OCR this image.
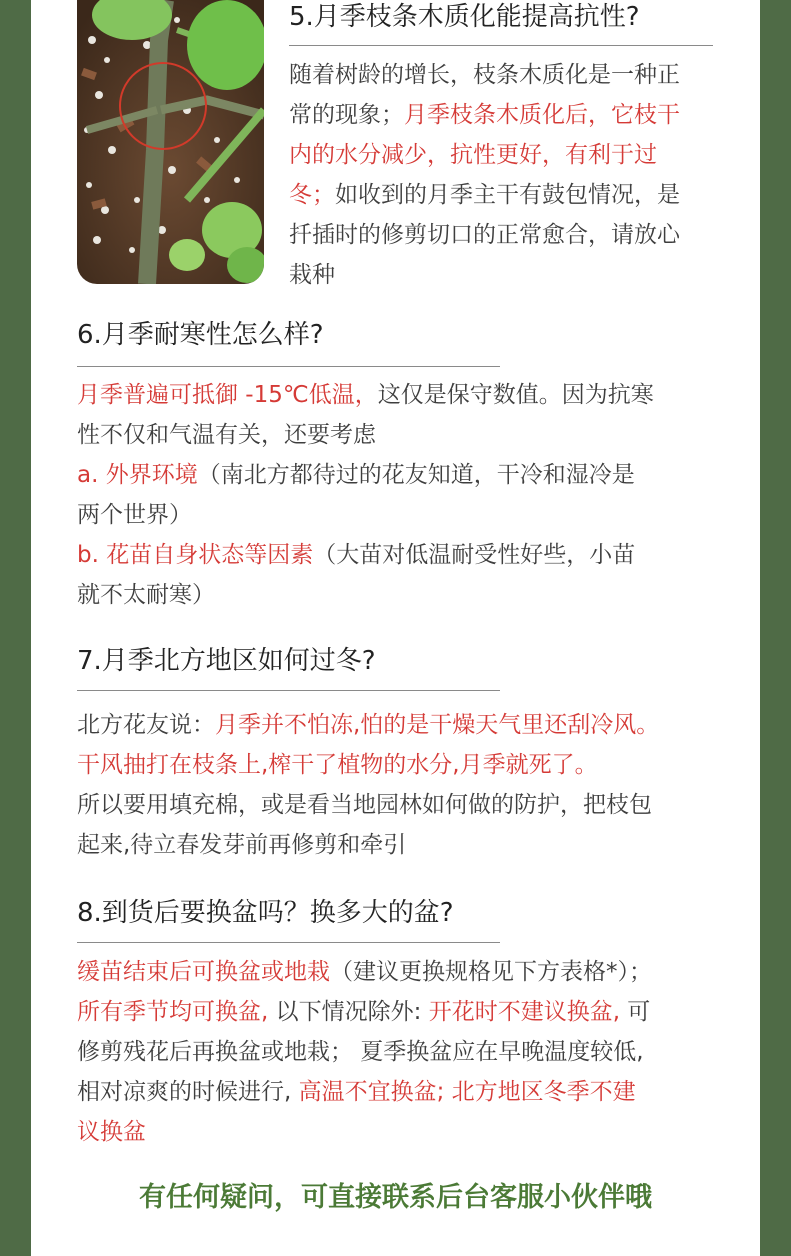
5.月季枝条木质化能提高抗性?
随着树龄的增长，枝条木质化是一种正
常的现象；月季枝条木质化后，它枝干
内的水分减少，抗性更好，有利于过
冬；如收到的月季主干有鼓包情况，是
扦插时的修剪切口的正常愈合，请放心
栽种
6.月季耐寒性怎么样?
月季普遍可抵御 -15℃低温，这仅是保守数值。因为抗寒
性不仅和气温有关，还要考虑
a. 外界环境（南北方都待过的花友知道，干冷和湿冷是
两个世界）
b. 花苗自身状态等因素（大苗对低温耐受性好些，小苗
就不太耐寒）
7.月季北方地区如何过冬?
北方花友说：月季并不怕冻,怕的是干燥天气里还刮冷风。
干风抽打在枝条上,榨干了植物的水分,月季就死了。
所以要用填充棉，或是看当地园林如何做的防护，把枝包
起来,待立春发芽前再修剪和牵引
8.到货后要换盆吗？换多大的盆?
缓苗结束后可换盆或地栽（建议更换规格见下方表格*）；
所有季节均可换盆, 以下情况除外: 开花时不建议换盆, 可
修剪残花后再换盆或地栽； 夏季换盆应在早晚温度较低,
相对凉爽的时候进行, 高温不宜换盆; 北方地区冬季不建
议换盆
有任何疑问，可直接联系后台客服小伙伴哦
